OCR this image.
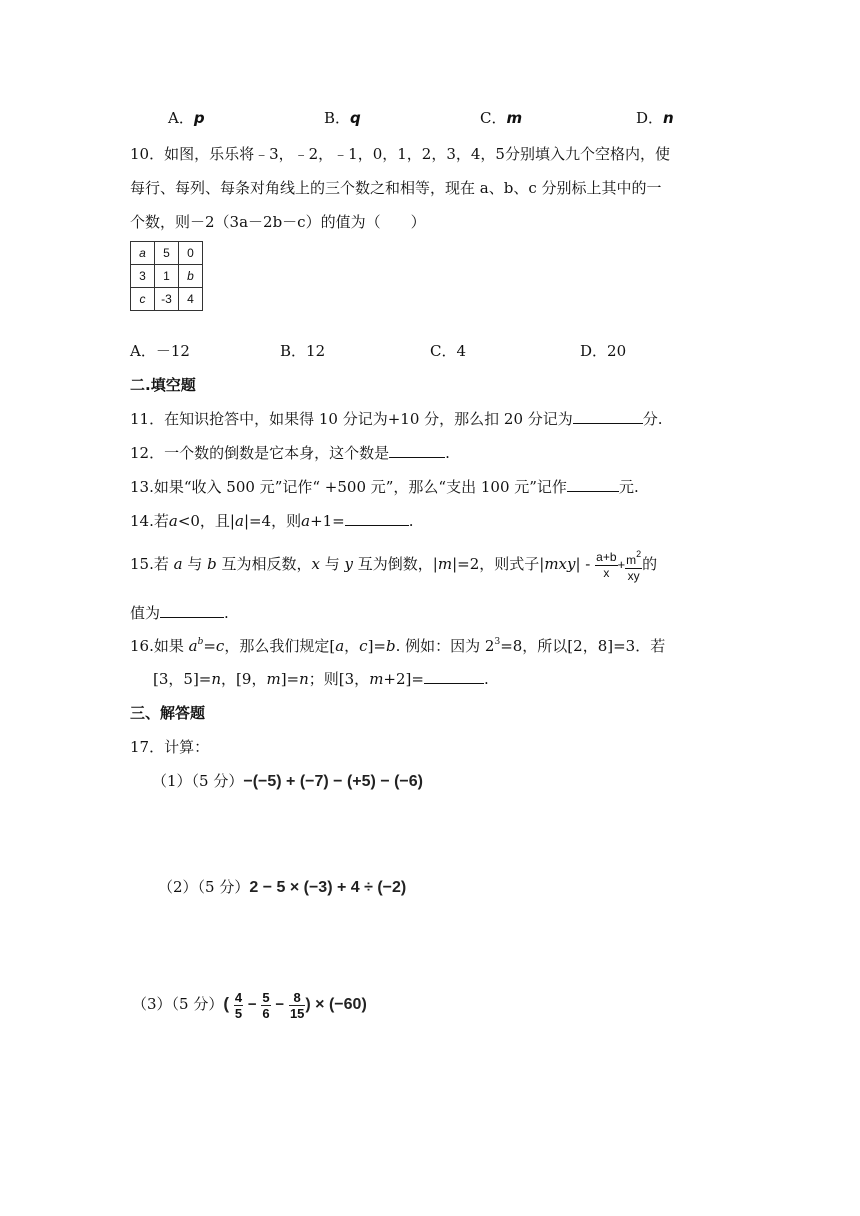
A．p	B．q	C．m	D．n
10．如图，乐乐将﹣3，﹣2，﹣1，0，1，2，3，4，5分别填入九个空格内，使
每行、每列、每条对角线上的三个数之和相等，现在 a、b、c 分别标上其中的一
个数，则－2（3a－2b－c）的值为（　　）
a	5	0
3	1	b
c	-3	4
A．－12	B．12	C．4	D．20
二.填空题
11．在知识抢答中，如果得 10 分记为+10 分，那么扣 20 分记为	分.
12．一个数的倒数是它本身，这个数是	.
13.如果“收入 500 元”记作“ +500 元”，那么“支出 100 元”记作	元.
14.若a<0，且|a|=4，则a+1=	.
15.若 a 与 b 互为相反数，x 与 y 互为倒数，|m|=2，则式子$|mxy| - \frac{a+b}{x} + \frac{m^2}{xy}$ 的
值为	.
16.如果 $a^b=c$，那么我们规定[a，c]=b. 例如：因为 $2^3=8$，所以[2，8]=3．若
[3，5]=n，[9，m]=n；则[3，m+2]=	.
三、解答题
17．计算：
（1）（5 分）−(−5) + (−7) − (+5) − (−6)
（2）（5 分）2 − 5 × (−3) + 4 ÷ (−2)
（3）（5 分）( $\frac{4}{5} - \frac{5}{6} - \frac{8}{15}$ ) × (−60)
